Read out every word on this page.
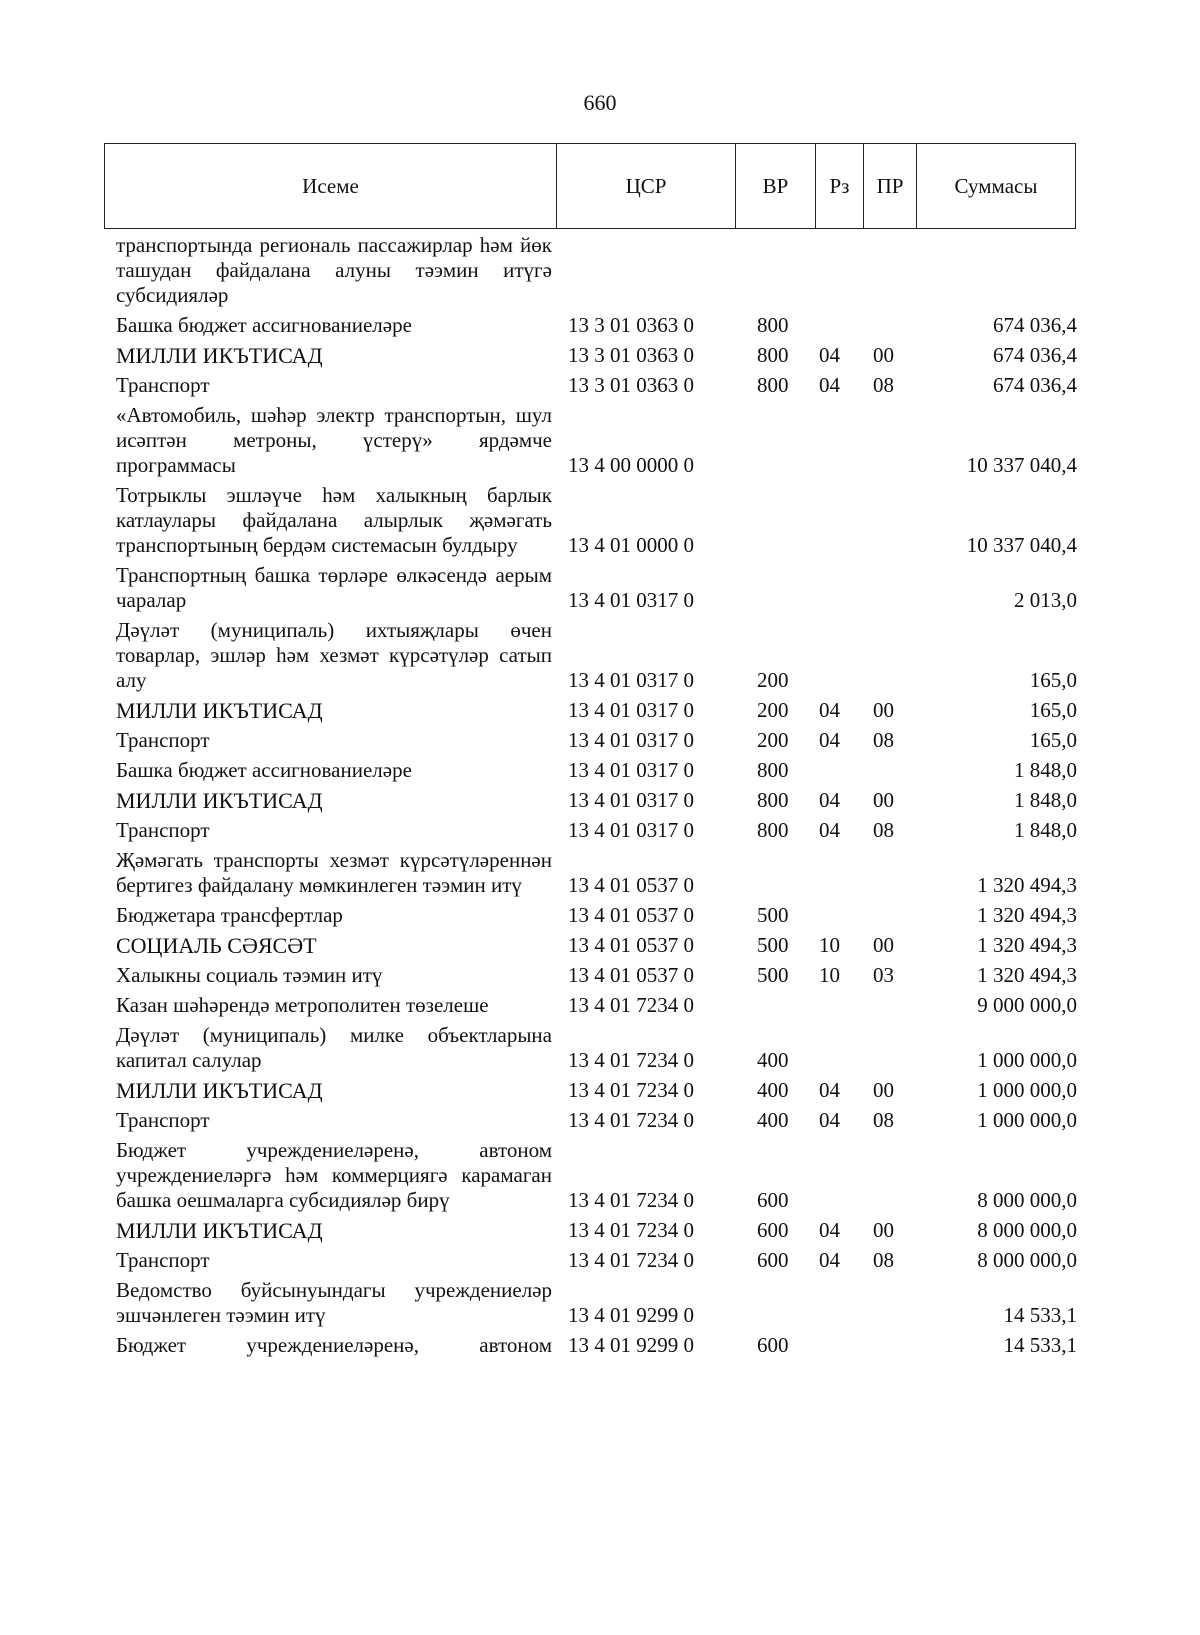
660
Исеме	ЦСР	ВР	Рз	ПР	Суммасы
транспортында региональ пассажирлар һәм йөк ташудан файдалана алуны тәэмин итүгә субсидияләр
Башка бюджет ассигнованиеләре	13 3 01 0363 0	800	674 036,4
МИЛЛИ ИКЪТИСАД	13 3 01 0363 0	800	04	00	674 036,4
Транспорт	13 3 01 0363 0	800	04	08	674 036,4
«Автомобиль, шәһәр электр транспортын, шул исәптән метроны, үстерү» ярдәмче программасы	13 4 00 0000 0	10 337 040,4
Тотрыклы эшләүче һәм халыкның барлык катлаулары файдалана алырлык җәмәгать транспортының бердәм системасын булдыру	13 4 01 0000 0	10 337 040,4
Транспортның башка төрләре өлкәсендә аерым чаралар	13 4 01 0317 0	2 013,0
Дәүләт (муниципаль) ихтыяҗлары өчен товарлар, эшләр һәм хезмәт күрсәтүләр сатып алу	13 4 01 0317 0	200	165,0
МИЛЛИ ИКЪТИСАД	13 4 01 0317 0	200	04	00	165,0
Транспорт	13 4 01 0317 0	200	04	08	165,0
Башка бюджет ассигнованиеләре	13 4 01 0317 0	800	1 848,0
МИЛЛИ ИКЪТИСАД	13 4 01 0317 0	800	04	00	1 848,0
Транспорт	13 4 01 0317 0	800	04	08	1 848,0
Җәмәгать транспорты хезмәт күрсәтүләреннән бертигез файдалану мөмкинлеген тәэмин итү	13 4 01 0537 0	1 320 494,3
Бюджетара трансфертлар	13 4 01 0537 0	500	1 320 494,3
СОЦИАЛЬ СӘЯСӘТ	13 4 01 0537 0	500	10	00	1 320 494,3
Халыкны социаль тәэмин итү	13 4 01 0537 0	500	10	03	1 320 494,3
Казан шәһәрендә метрополитен төзелеше	13 4 01 7234 0	9 000 000,0
Дәүләт (муниципаль) милке объектларына капитал салулар	13 4 01 7234 0	400	1 000 000,0
МИЛЛИ ИКЪТИСАД	13 4 01 7234 0	400	04	00	1 000 000,0
Транспорт	13 4 01 7234 0	400	04	08	1 000 000,0
Бюджет учреждениеләренә, автоном учреждениеләргә һәм коммерциягә карамаган башка оешмаларга субсидияләр бирү	13 4 01 7234 0	600	8 000 000,0
МИЛЛИ ИКЪТИСАД	13 4 01 7234 0	600	04	00	8 000 000,0
Транспорт	13 4 01 7234 0	600	04	08	8 000 000,0
Ведомство буйсынуындагы учреждениеләр эшчәнлеген тәэмин итү	13 4 01 9299 0	14 533,1
Бюджет учреждениеләренә, автоном 13 4 01 9299 0	600	14 533,1
